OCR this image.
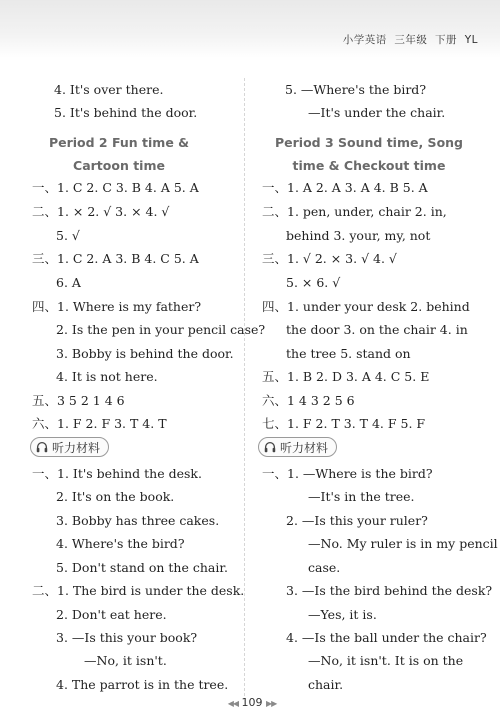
小学英语  三年级  下册  YL
Period 2 Fun time &
Cartoon time
4. It's over there.
5. It's behind the door.
一、1. C 2. C 3. B 4. A 5. A
二、1. × 2. √ 3. × 4. √
5. √
三、1. C 2. A 3. B 4. C 5. A
6. A
四、1. Where is my father?
2. Is the pen in your pencil case?
3. Bobby is behind the door.
4. It is not here.
五、3 5 2 1 4 6
六、1. F 2. F 3. T 4. T
一、1. It's behind the desk.
2. It's on the book.
3. Bobby has three cakes.
4. Where's the bird?
5. Don't stand on the chair.
二、1. The bird is under the desk.
2. Don't eat here.
3. —Is this your book?
—No, it isn't.
4. The parrot is in the tree.
听力材料
Period 3 Sound time, Song
time & Checkout time
5. —Where's the bird?
—It's under the chair.
一、1. A 2. A 3. A 4. B 5. A
二、1. pen, under, chair 2. in,
behind 3. your, my, not
三、1. √ 2. × 3. √ 4. √
5. × 6. √
四、1. under your desk 2. behind
the door 3. on the chair 4. in
the tree 5. stand on
五、1. B 2. D 3. A 4. C 5. E
六、1 4 3 2 5 6
七、1. F 2. T 3. T 4. F 5. F
一、1. —Where is the bird?
—It's in the tree.
2. —Is this your ruler?
—No. My ruler is in my pencil
case.
3. —Is the bird behind the desk?
—Yes, it is.
4. —Is the ball under the chair?
—No, it isn't. It is on the
chair.
听力材料
◀◀ 109 ▶▶
